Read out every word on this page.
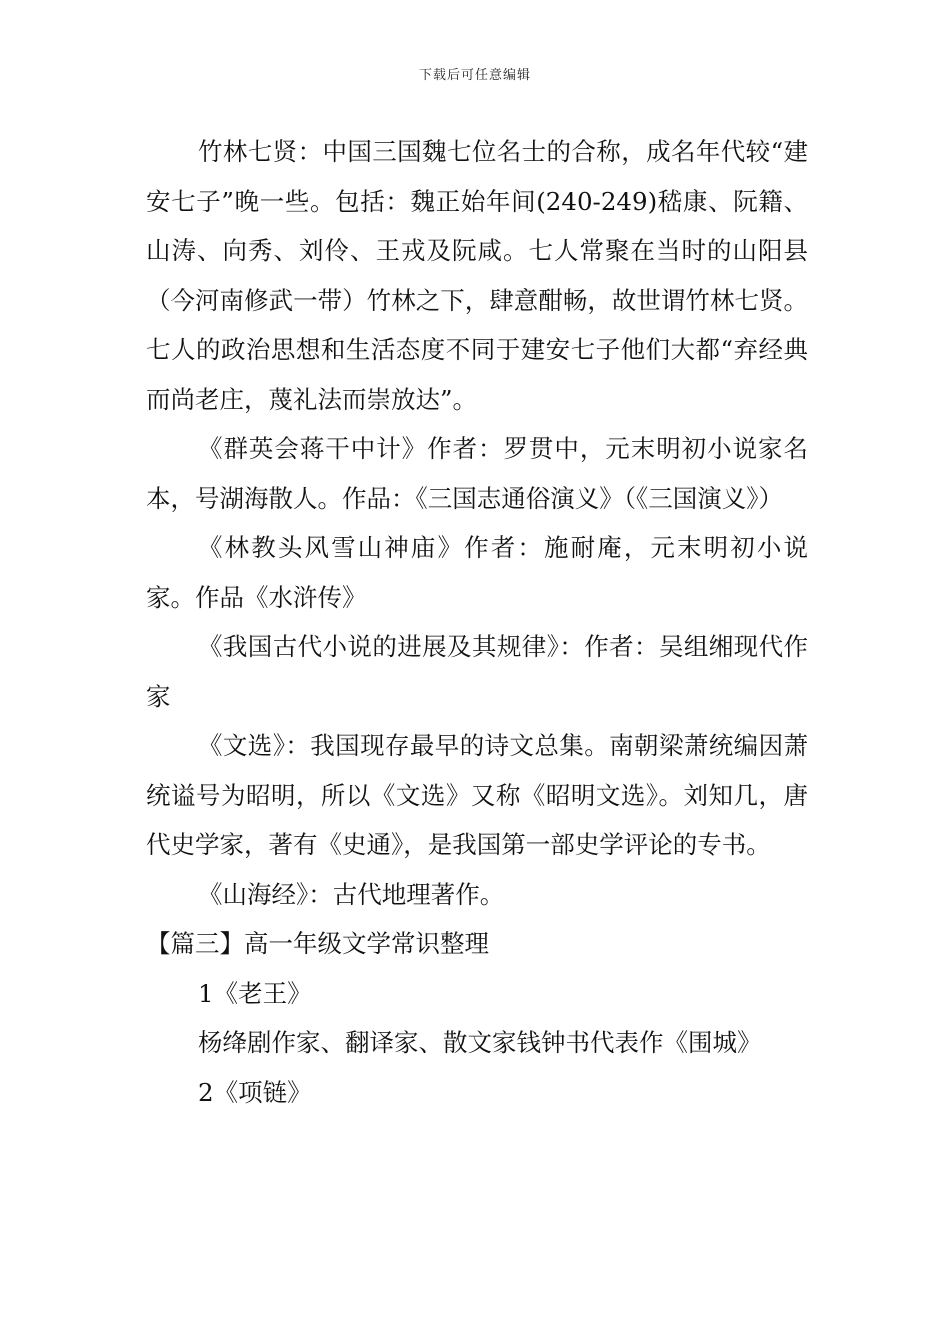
下载后可任意编辑

竹林七贤：中国三国魏七位名士的合称，成名年代较“建安七子”晚一些。包括：魏正始年间(240-249)嵇康、阮籍、山涛、向秀、刘伶、王戎及阮咸。七人常聚在当时的山阳县（今河南修武一带）竹林之下，肆意酣畅，故世谓竹林七贤。七人的政治思想和生活态度不同于建安七子他们大都“弃经典而尚老庄，蔑礼法而崇放达”。

《群英会蒋干中计》作者：罗贯中，元末明初小说家名本，号湖海散人。作品：《三国志通俗演义》（《三国演义》）

《林教头风雪山神庙》作者：施耐庵，元末明初小说家。作品《水浒传》

《我国古代小说的进展及其规律》：作者：吴组缃现代作家

《文选》：我国现存最早的诗文总集。南朝梁萧统编因萧统谥号为昭明，所以《文选》又称《昭明文选》。刘知几，唐代史学家，著有《史通》，是我国第一部史学评论的专书。

《山海经》：古代地理著作。

【篇三】高一年级文学常识整理

1《老王》

杨绛剧作家、翻译家、散文家钱钟书代表作《围城》

2《项链》
